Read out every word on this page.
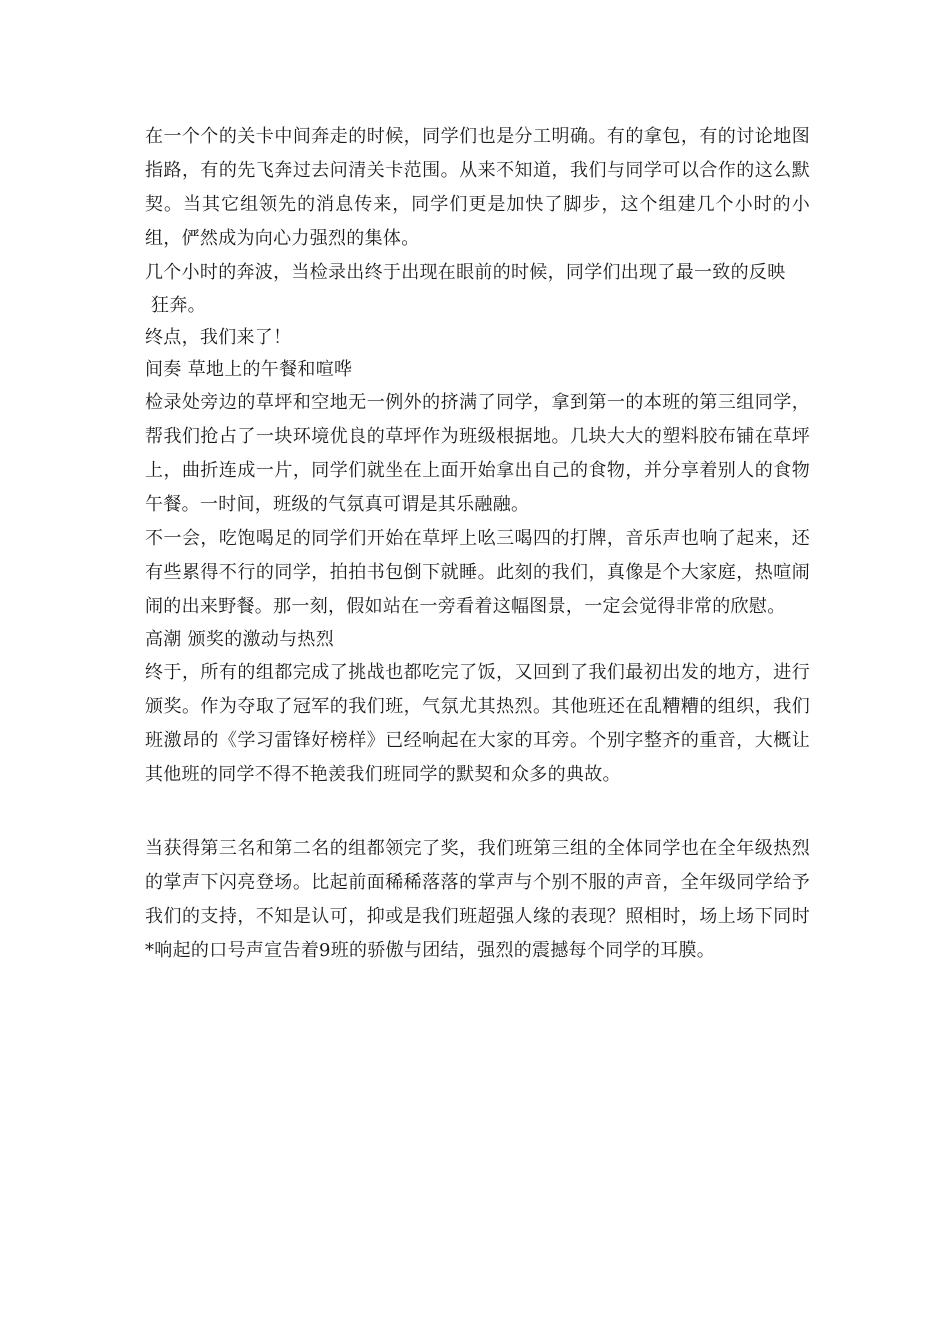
在一个个的关卡中间奔走的时候，同学们也是分工明确。有的拿包，有的讨论地图指路，有的先飞奔过去问清关卡范围。从来不知道，我们与同学可以合作的这么默契。当其它组领先的消息传来，同学们更是加快了脚步，这个组建几个小时的小组，俨然成为向心力强烈的集体。

几个小时的奔波，当检录出终于出现在眼前的时候，同学们出现了最一致的反映

狂奔。

终点，我们来了！

间奏 草地上的午餐和喧哗

检录处旁边的草坪和空地无一例外的挤满了同学，拿到第一的本班的第三组同学，帮我们抢占了一块环境优良的草坪作为班级根据地。几块大大的塑料胶布铺在草坪上，曲折连成一片，同学们就坐在上面开始拿出自己的食物，并分享着别人的食物午餐。一时间，班级的气氛真可谓是其乐融融。

不一会，吃饱喝足的同学们开始在草坪上吆三喝四的打牌，音乐声也响了起来，还有些累得不行的同学，拍拍书包倒下就睡。此刻的我们，真像是个大家庭，热喧闹闹的出来野餐。那一刻，假如站在一旁看着这幅图景，一定会觉得非常的欣慰。

高潮 颁奖的激动与热烈

终于，所有的组都完成了挑战也都吃完了饭，又回到了我们最初出发的地方，进行颁奖。作为夺取了冠军的我们班，气氛尤其热烈。其他班还在乱糟糟的组织，我们班激昂的《学习雷锋好榜样》已经响起在大家的耳旁。个别字整齐的重音，大概让其他班的同学不得不艳羡我们班同学的默契和众多的典故。

当获得第三名和第二名的组都领完了奖，我们班第三组的全体同学也在全年级热烈的掌声下闪亮登场。比起前面稀稀落落的掌声与个别不服的声音，全年级同学给予我们的支持，不知是认可，抑或是我们班超强人缘的表现？照相时，场上场下同时*响起的口号声宣告着9班的骄傲与团结，强烈的震撼每个同学的耳膜。
